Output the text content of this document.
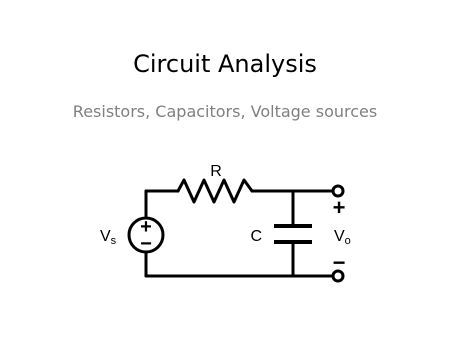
Circuit Analysis
Resistors, Capacitors, Voltage sources
+
−
R
C
Vs	Vo
+
−
